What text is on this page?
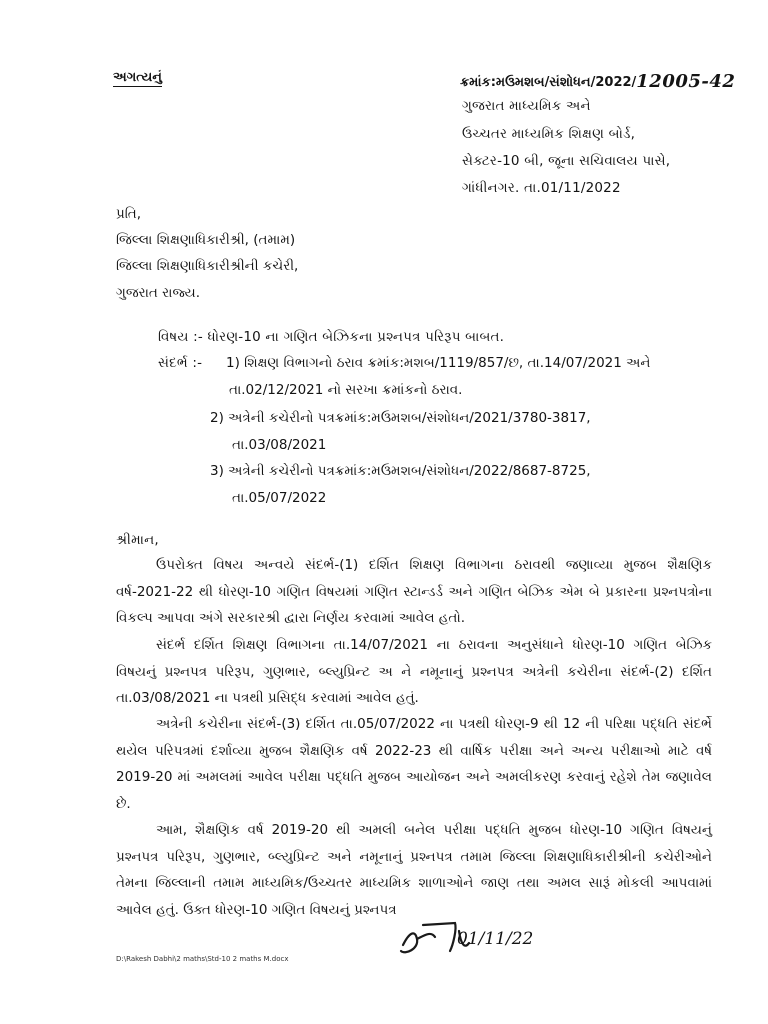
અગત્યનું	ક્રમાંક:મઉમશબ/સંશોધન/2022/12005-42
ગુજરાત માધ્યમિક અને
ઉચ્ચતર માધ્યમિક શિક્ષણ બોર્ડ,
સેક્ટર-10 બી, જૂના સચિવાલય પાસે,
ગાંધીનગર. તા.01/11/2022
પ્રતિ,
જિલ્લા શિક્ષણાધિકારીશ્રી, (તમામ)
જિલ્લા શિક્ષણાધિકારીશ્રીની કચેરી,
ગુજરાત રાજ્ય.
વિષય :- ધોરણ-10 ના ગણિત બેઝિકના પ્રશ્નપત્ર પરિરૂપ બાબત.
સંદર્ભ :- 1) શિક્ષણ વિભાગનો ઠરાવ ક્રમાંક:મશબ/1119/857/છ, તા.14/07/2021 અને
તા.02/12/2021 નો સરખા ક્રમાંકનો ઠરાવ.
2) અત્રેની કચેરીનો પત્રક્રમાંક:મઉમશબ/સંશોધન/2021/3780-3817,
તા.03/08/2021
3) અત્રેની કચેરીનો પત્રક્રમાંક:મઉમશબ/સંશોધન/2022/8687-8725,
તા.05/07/2022
શ્રીમાન,
ઉપરોક્ત વિષય અન્વયે સંદર્ભ-(1) દર્શિત શિક્ષણ વિભાગના ઠરાવથી જણાવ્યા મુજબ શૈક્ષણિક વર્ષ-2021-22 થી ધોરણ-10 ગણિત વિષયમાં ગણિત સ્ટાન્ડર્ડ અને ગણિત બેઝિક એમ બે પ્રકારના પ્રશ્નપત્રોના વિકલ્પ આપવા અંગે સરકારશ્રી દ્વારા નિર્ણય કરવામાં આવેલ હતો.
સંદર્ભ દર્શિત શિક્ષણ વિભાગના તા.14/07/2021 ના ઠરાવના અનુસંધાને ધોરણ-10 ગણિત બેઝિક વિષયનું પ્રશ્નપત્ર પરિરૂપ, ગુણભાર, બ્લ્યુપ્રિન્ટ અ ને નમૂનાનું પ્રશ્નપત્ર અત્રેની કચેરીના સંદર્ભ-(2) દર્શિત તા.03/08/2021 ના પત્રથી પ્રસિદ્ધ કરવામાં આવેલ હતું.
અત્રેની કચેરીના સંદર્ભ-(3) દર્શિત તા.05/07/2022 ના પત્રથી ધોરણ-9 થી 12 ની પરિક્ષા પદ્ધતિ સંદર્ભે થયેલ પરિપત્રમાં દર્શાવ્યા મુજબ શૈક્ષણિક વર્ષ 2022-23 થી વાર્ષિક પરીક્ષા અને અન્ય પરીક્ષાઓ માટે વર્ષ 2019-20 માં અમલમાં આવેલ પરીક્ષા પદ્ધતિ મુજબ આયોજન અને અમલીકરણ કરવાનું રહેશે તેમ જણાવેલ છે.
આમ, શૈક્ષણિક વર્ષ 2019-20 થી અમલી બનેલ પરીક્ષા પદ્ધતિ મુજબ ધોરણ-10 ગણિત વિષયનું પ્રશ્નપત્ર પરિરૂપ, ગુણભાર, બ્લ્યુપ્રિન્ટ અને નમૂનાનું પ્રશ્નપત્ર તમામ જિલ્લા શિક્ષણાધિકારીશ્રીની કચેરીઓને તેમના જિલ્લાની તમામ માધ્યમિક/ઉચ્ચતર માધ્યમિક શાળાઓને જાણ તથા અમલ સારૂં મોકલી આપવામાં આવેલ હતું. ઉક્ત ધોરણ-10 ગણિત વિષયનું પ્રશ્નપત્ર
01/11/22
D:\Rakesh Dabhi\2 maths\Std-10 2 maths M.docx
